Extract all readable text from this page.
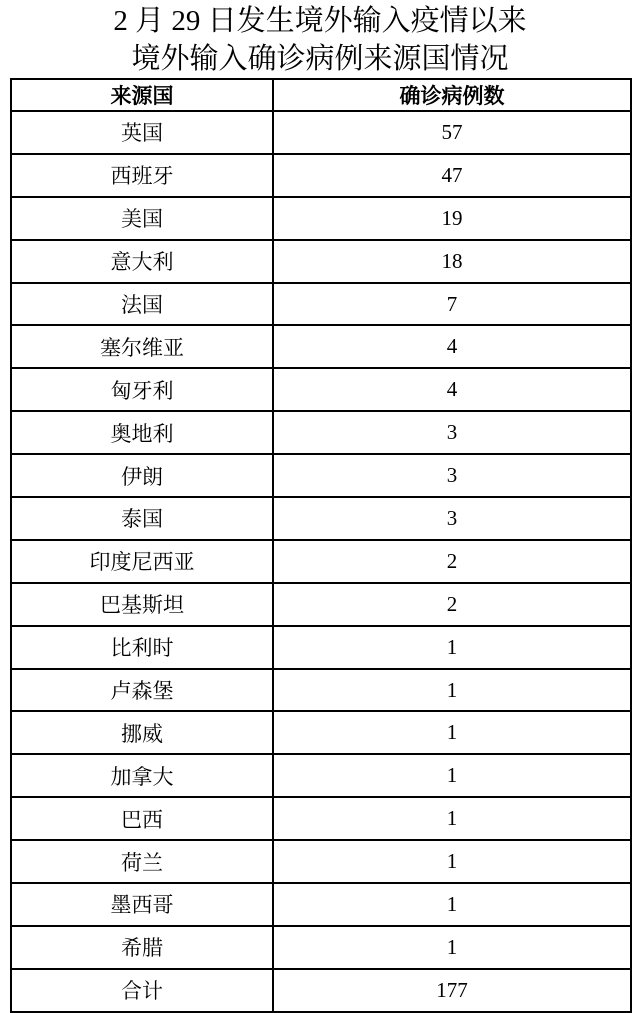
2 月 29 日发生境外输入疫情以来
境外输入确诊病例来源国情况
来源国	确诊病例数
英国	57
西班牙	47
美国	19
意大利	18
法国	7
塞尔维亚	4
匈牙利	4
奥地利	3
伊朗	3
泰国	3
印度尼西亚	2
巴基斯坦	2
比利时	1
卢森堡	1
挪威	1
加拿大	1
巴西	1
荷兰	1
墨西哥	1
希腊	1
合计	177
